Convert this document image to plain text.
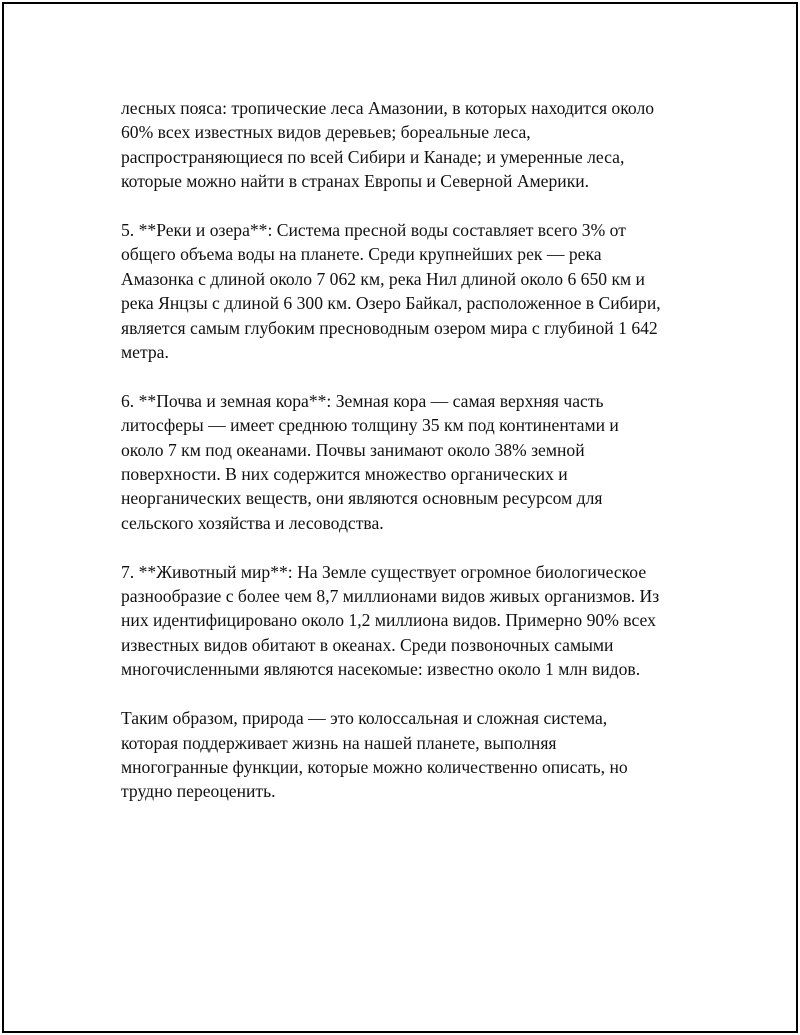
лесных пояса: тропические леса Амазонии, в которых находится около
60% всех известных видов деревьев; бореальные леса,
распространяющиеся по всей Сибири и Канаде; и умеренные леса,
которые можно найти в странах Европы и Северной Америки.

5. **Реки и озера**: Система пресной воды составляет всего 3% от
общего объема воды на планете. Среди крупнейших рек — река
Амазонка с длиной около 7 062 км, река Нил длиной около 6 650 км и
река Янцзы с длиной 6 300 км. Озеро Байкал, расположенное в Сибири,
является самым глубоким пресноводным озером мира с глубиной 1 642
метра.

6. **Почва и земная кора**: Земная кора — самая верхняя часть
литосферы — имеет среднюю толщину 35 км под континентами и
около 7 км под океанами. Почвы занимают около 38% земной
поверхности. В них содержится множество органических и
неорганических веществ, они являются основным ресурсом для
сельского хозяйства и лесоводства.

7. **Животный мир**: На Земле существует огромное биологическое
разнообразие с более чем 8,7 миллионами видов живых организмов. Из
них идентифицировано около 1,2 миллиона видов. Примерно 90% всех
известных видов обитают в океанах. Среди позвоночных самыми
многочисленными являются насекомые: известно около 1 млн видов.

Таким образом, природа — это колоссальная и сложная система,
которая поддерживает жизнь на нашей планете, выполняя
многогранные функции, которые можно количественно описать, но
трудно переоценить.
